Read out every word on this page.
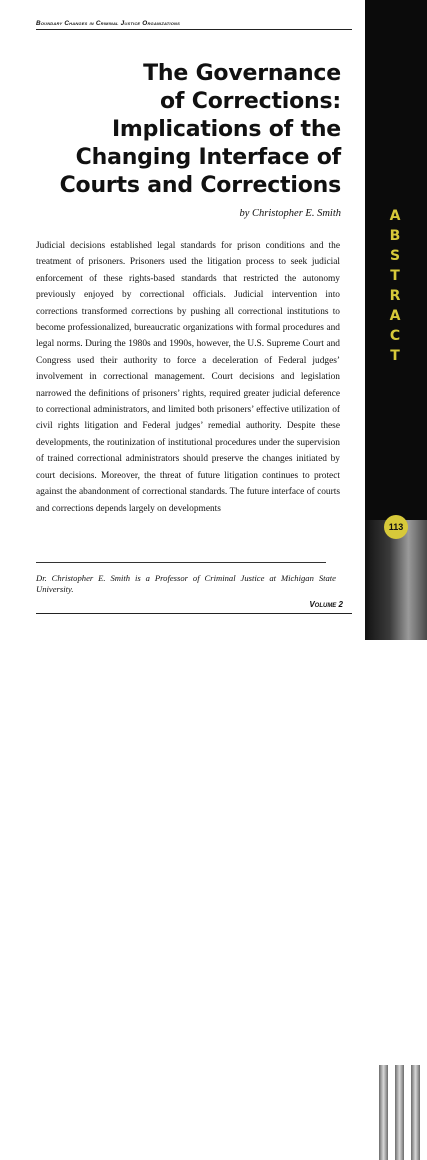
Boundary Changes in Criminal Justice Organizations
The Governance
of Corrections:
Implications of the
Changing Interface of
Courts and Corrections
by Christopher E. Smith
Judicial decisions established legal standards for prison conditions and the treatment of prisoners. Prisoners used the litigation process to seek judicial enforcement of these rights-based standards that restricted the autonomy previously enjoyed by correctional officials. Judicial intervention into corrections transformed corrections by pushing all correctional institutions to become professionalized, bureaucratic organizations with formal procedures and legal norms. During the 1980s and 1990s, however, the U.S. Supreme Court and Congress used their authority to force a deceleration of Federal judges’ involvement in correctional management. Court decisions and legislation narrowed the definitions of prisoners’ rights, required greater judicial deference to correctional administrators, and limited both prisoners’ effective utilization of civil rights litigation and Federal judges’ remedial authority. Despite these developments, the routinization of institutional procedures under the supervision of trained correctional administrators should preserve the changes initiated by court decisions. Moreover, the threat of future litigation continues to protect against the abandonment of correctional standards. The future interface of courts and corrections depends largely on developments
Dr. Christopher E. Smith is a Professor of Criminal Justice at Michigan State University.
Volume 2
A
B
S
T
R
A
C
T
113
